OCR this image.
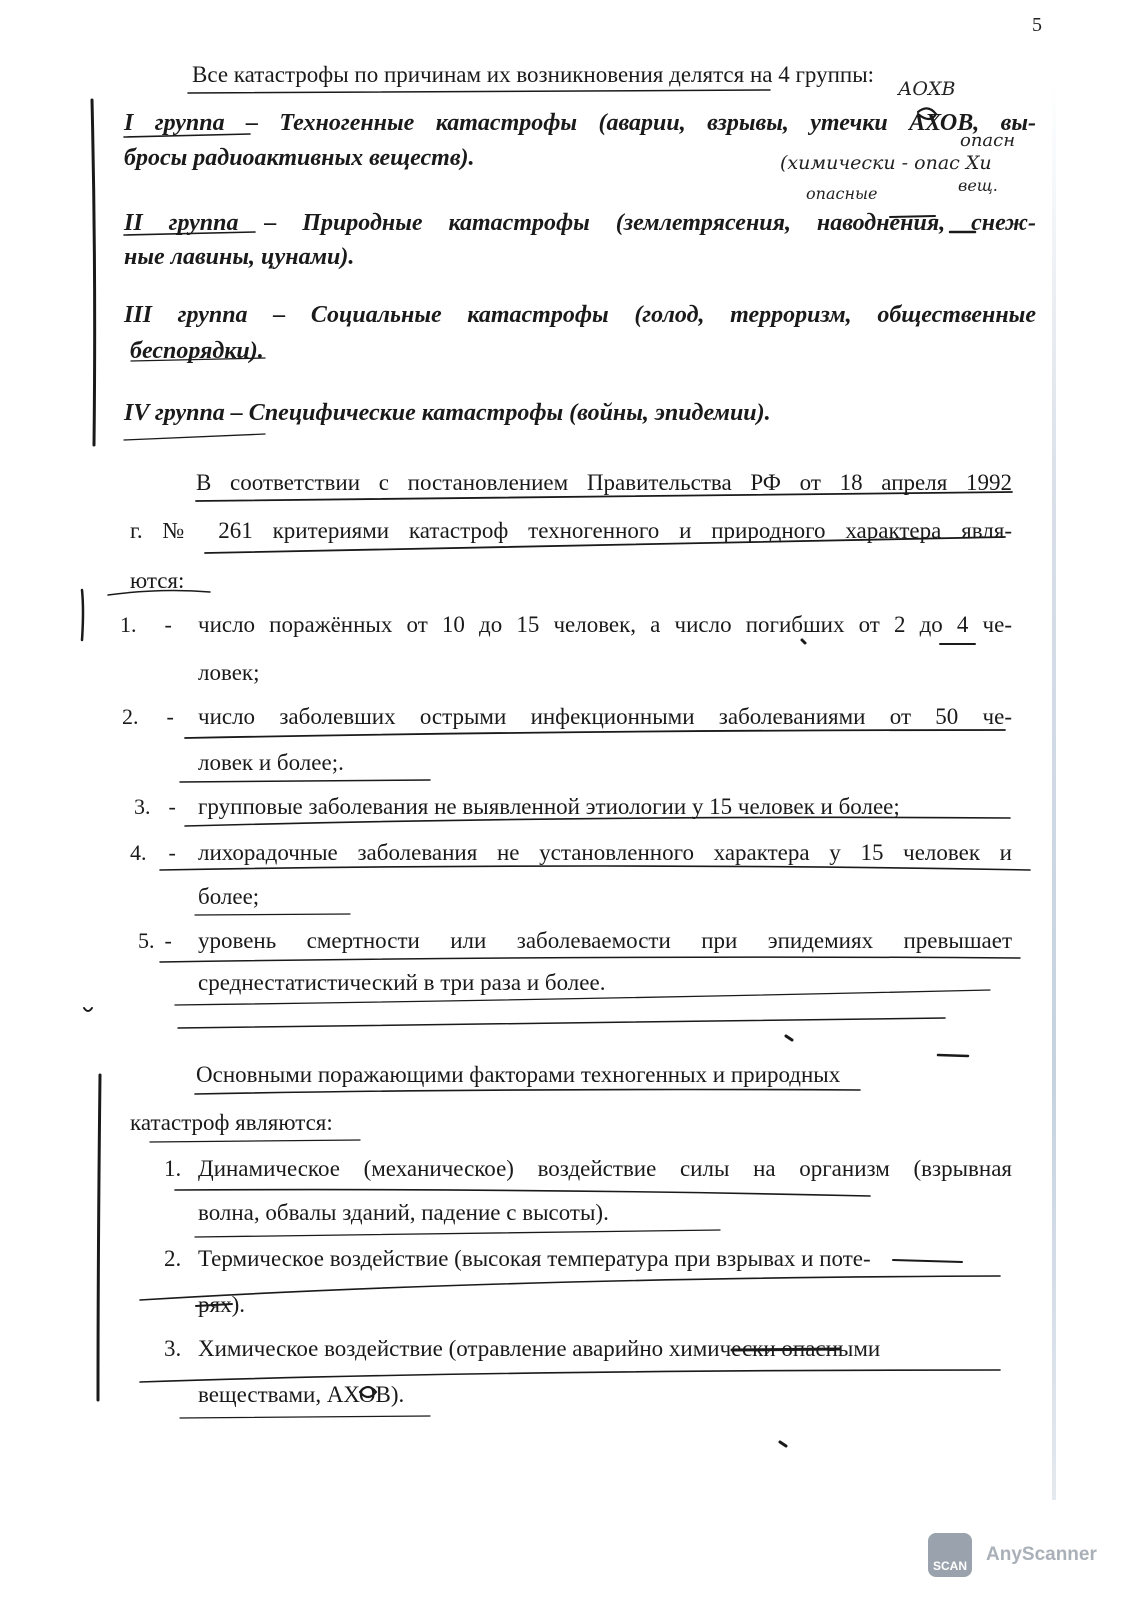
5
Все катастрофы по причинам их возникновения делятся на 4 группы:
I группа – Техногенные катастрофы (аварии, взрывы, утечки АХОВ, вы-
бросы радиоактивных веществ).
II группа – Природные катастрофы (землетрясения, наводнения, снеж-
ные лавины, цунами).
III группа – Социальные катастрофы (голод, терроризм, общественные
беспорядки).
IV группа – Специфические катастрофы (войны, эпидемии).
В соответствии с постановлением Правительства РФ от 18 апреля 1992
г. № 261 критериями катастроф техногенного и природного характера явля-
ются:
1. - число поражённых от 10 до 15 человек, а число погибших от 2 до 4 че-
ловек;
2. - число заболевших острыми инфекционными заболеваниями от 50 че-
ловек и более;.
3. - групповые заболевания не выявленной этиологии у 15 человек и более;
4. - лихорадочные заболевания не установленного характера у 15 человек и
более;
5. - уровень смертности или заболеваемости при эпидемиях превышает
среднестатистический в три раза и более.
Основными поражающими факторами техногенных и природных
катастроф являются:
1. Динамическое (механическое) воздействие силы на организм (взрывная
волна, обвалы зданий, падение с высоты).
2. Термическое воздействие (высокая температура при взрывах и поте-
рях).
3. Химическое воздействие (отравление аварийно химически опасными
веществами, АХОВ).
АОХВ
опасн
(химически - опас Хи
вещ.
опасные
SCAN
AnyScanner
